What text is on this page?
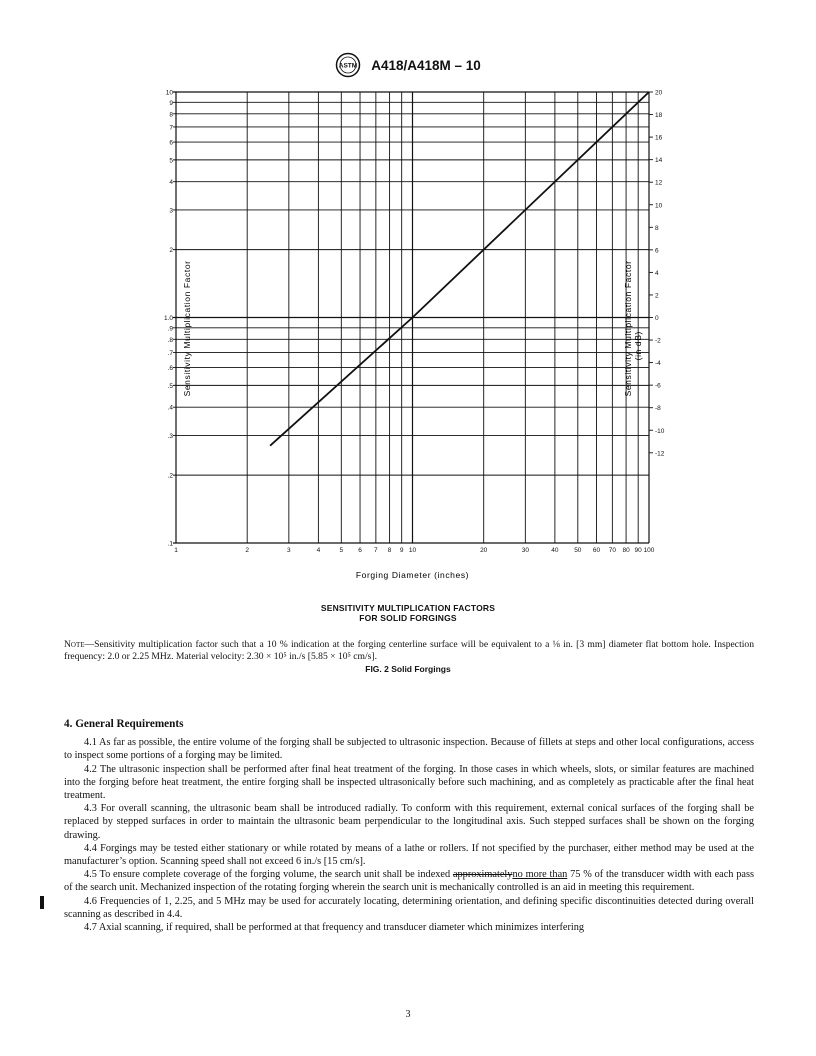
ASTM A418/A418M – 10
1	2	3	4	5 6 7 8 9 10	20	30	40 50 60 70 80 90 100
.1
.2
.3
.4
.5
.6
.7
.8
.9
1.0
2
3
4
5
6
7
8
9
10	20
18
16
14
12
10
8
6
4
2
0
-2
-4
-6
-8
-10
-12
Forging Diameter (inches)
Sensitivity Multiplication Factor	Sensitivity Multiplication Factor (in dB)
SENSITIVITY MULTIPLICATION FACTORS
FOR SOLID FORGINGS
Note—Sensitivity multiplication factor such that a 10 % indication at the forging centerline surface will be equivalent to a ⅛ in. [3 mm] diameter flat bottom hole. Inspection frequency: 2.0 or 2.25 MHz. Material velocity: 2.30 × 10⁵ in./s [5.85 × 10⁵ cm/s].
FIG. 2 Solid Forgings
4. General Requirements

4.1 As far as possible, the entire volume of the forging shall be subjected to ultrasonic inspection. Because of fillets at steps and other local configurations, access to inspect some portions of a forging may be limited.

4.2 The ultrasonic inspection shall be performed after final heat treatment of the forging. In those cases in which wheels, slots, or similar features are machined into the forging before heat treatment, the entire forging shall be inspected ultrasonically before such machining, and as completely as practicable after the final heat treatment.

4.3 For overall scanning, the ultrasonic beam shall be introduced radially. To conform with this requirement, external conical surfaces of the forging shall be replaced by stepped surfaces in order to maintain the ultrasonic beam perpendicular to the longitudinal axis. Such stepped surfaces shall be shown on the forging drawing.

4.4 Forgings may be tested either stationary or while rotated by means of a lathe or rollers. If not specified by the purchaser, either method may be used at the manufacturer’s option. Scanning speed shall not exceed 6 in./s [15 cm/s].

4.5 To ensure complete coverage of the forging volume, the search unit shall be indexed approximatelyno more than 75 % of the transducer width with each pass of the search unit. Mechanized inspection of the rotating forging wherein the search unit is mechanically controlled is an aid in meeting this requirement.

4.6 Frequencies of 1, 2.25, and 5 MHz may be used for accurately locating, determining orientation, and defining specific discontinuities detected during overall scanning as described in 4.4.

4.7 Axial scanning, if required, shall be performed at that frequency and transducer diameter which minimizes interfering

3
